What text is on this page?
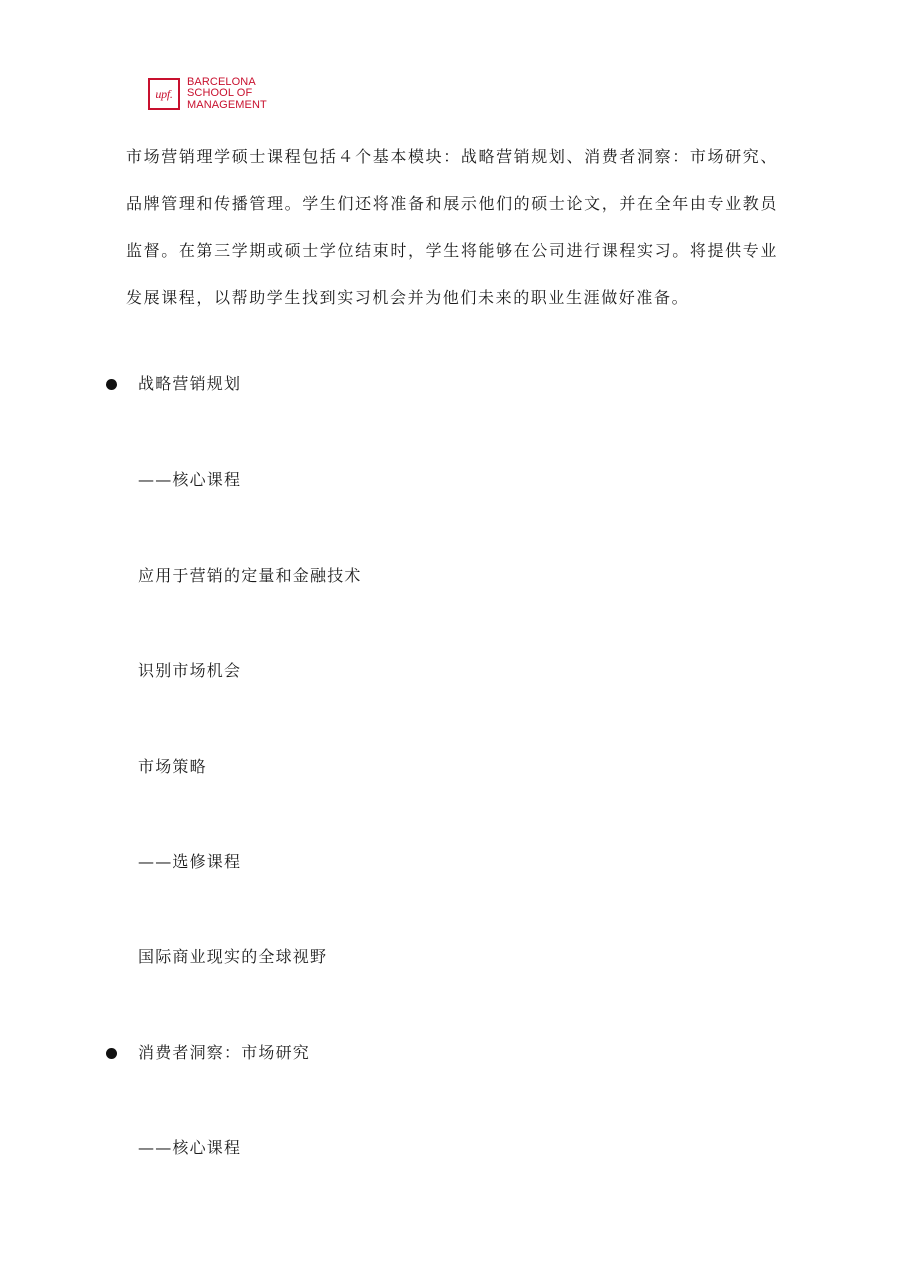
upf.
BARCELONA
SCHOOL OF
MANAGEMENT
市场营销理学硕士课程包括４个基本模块：战略营销规划、消费者洞察：市场研究、品牌管理和传播管理。学生们还将准备和展示他们的硕士论文，并在全年由专业教员监督。在第三学期或硕士学位结束时，学生将能够在公司进行课程实习。将提供专业发展课程，以帮助学生找到实习机会并为他们未来的职业生涯做好准备。
战略营销规划
——核心课程
应用于营销的定量和金融技术
识别市场机会
市场策略
——选修课程
国际商业现实的全球视野
消费者洞察：市场研究
——核心课程
